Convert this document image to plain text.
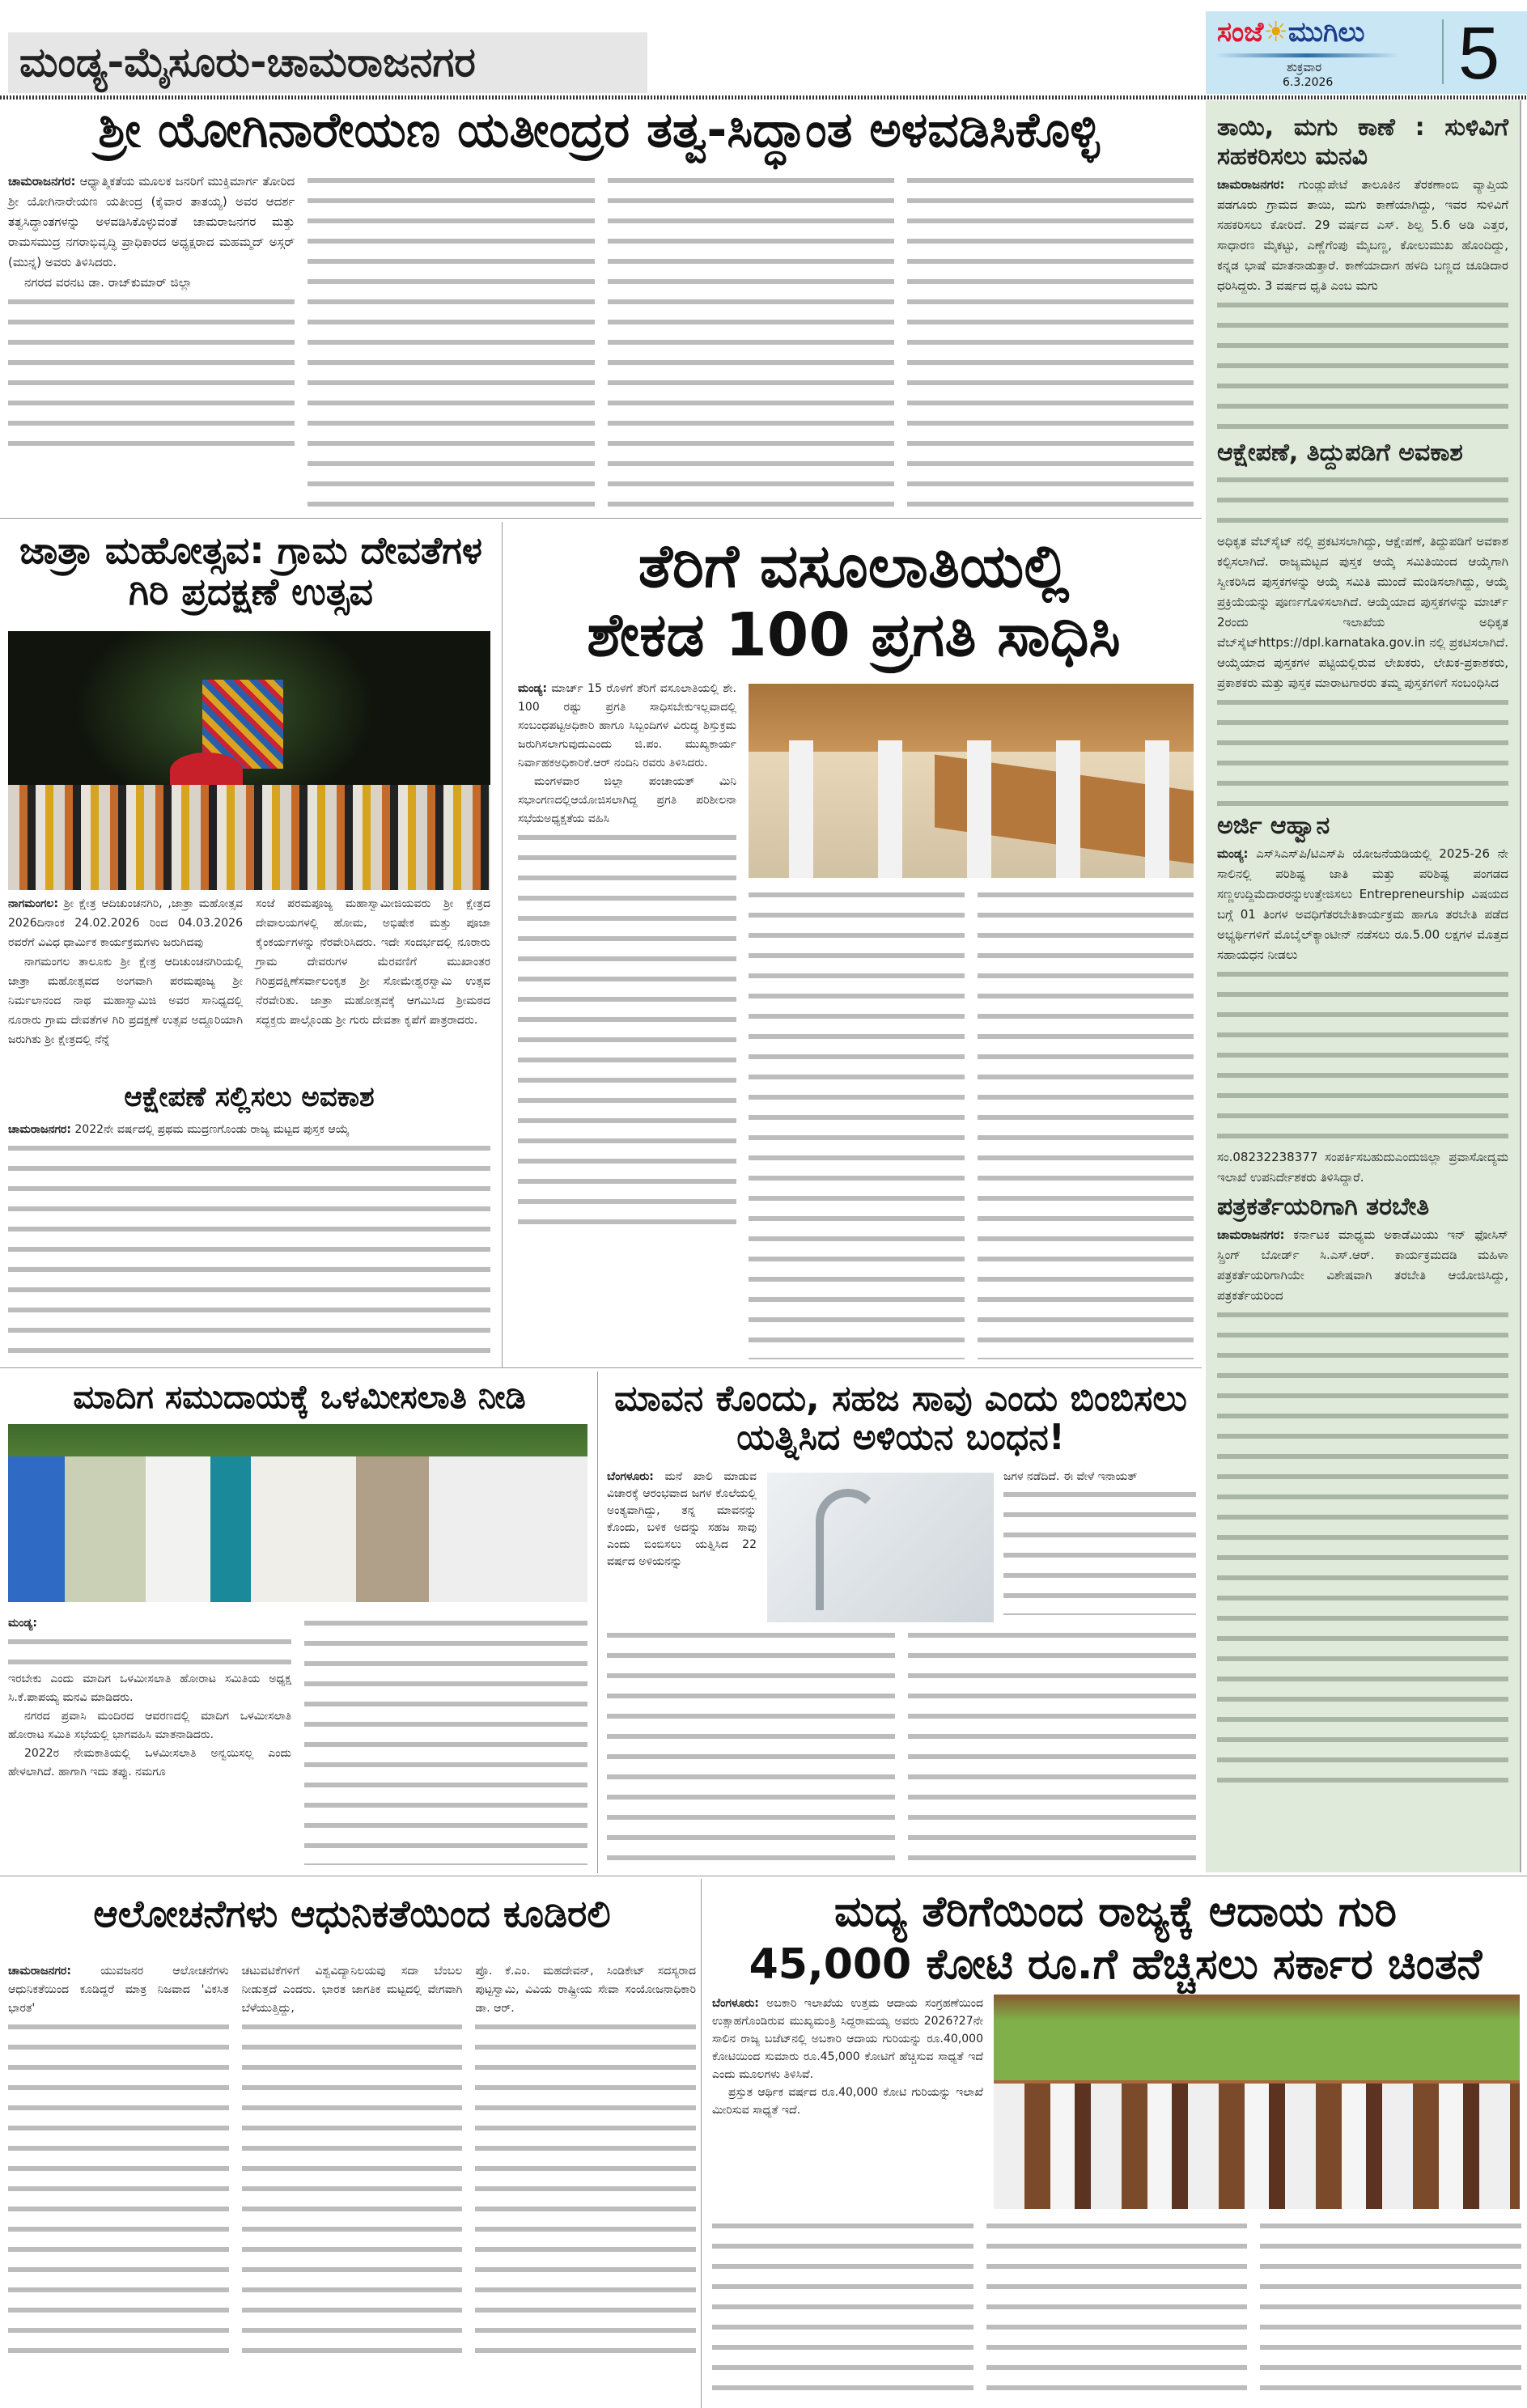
ಮಂಡ್ಯ-ಮೈಸೂರು-ಚಾಮರಾಜನಗರ
ಸಂಜೆ☀ಮುಗಿಲು
ಶುಕ್ರವಾರ
6.3.2026 5
ಶ್ರೀ ಯೋಗಿನಾರೇಯಣ ಯತೀಂದ್ರರ ತತ್ವ-ಸಿದ್ಧಾಂತ ಅಳವಡಿಸಿಕೊಳ್ಳಿ

ಚಾಮರಾಜನಗರ: ಆಧ್ಯಾತ್ಮಿಕತೆಯ ಮೂಲಕ ಜನರಿಗೆ ಮುಕ್ತಿಮಾರ್ಗ ತೋರಿದ ಶ್ರೀ ಯೋಗಿನಾರೇಯಣ ಯತೀಂದ್ರ (ಕೈವಾರ ತಾತಯ್ಯ) ಅವರ ಆದರ್ಶ ತತ್ವಸಿದ್ಧಾಂತಗಳನ್ನು ಅಳವಡಿಸಿಕೊಳ್ಳುವಂತೆ ಚಾಮರಾಜನಗರ ಮತ್ತು ರಾಮಸಮುದ್ರ ನಗರಾಭಿವೃದ್ಧಿ ಪ್ರಾಧಿಕಾರದ ಅಧ್ಯಕ್ಷರಾದ ಮಹಮ್ಮದ್ ಅಸ್ಗರ್ (ಮುನ್ನ) ಅವರು ತಿಳಿಸಿದರು.

ನಗರದ ವರನಟ ಡಾ. ರಾಜ್‌ಕುಮಾರ್ ಜಿಲ್ಲಾ

ಜಾತ್ರಾ ಮಹೋತ್ಸವ: ಗ್ರಾಮ ದೇವತೆಗಳ ಗಿರಿ ಪ್ರದಕ್ಷಣೆ ಉತ್ಸವ

ನಾಗಮಂಗಲ: ಶ್ರೀ ಕ್ಷೇತ್ರ ಆದಿಚುಂಚನಗಿರಿ, ,ಜಾತ್ರಾ ಮಹೋತ್ಸವ 2026ದಿನಾಂಕ 24.02.2026 ರಿಂದ 04.03.2026 ರವರೆಗೆ ವಿವಿಧ ಧಾರ್ಮಿಕ ಕಾರ್ಯಕ್ರಮಗಳು ಜರುಗಿದವು

ನಾಗಮಂಗಲ ತಾಲೂಕು ಶ್ರೀ ಕ್ಷೇತ್ರ ಆದಿಚುಂಚನಗಿರಿಯಲ್ಲಿ ಜಾತ್ರಾ ಮಹೋತ್ಸವದ ಅಂಗವಾಗಿ ಪರಮಪೂಜ್ಯ ಶ್ರೀ ನಿರ್ಮಲಾನಂದ ನಾಥ ಮಹಾಸ್ವಾಮಿಜಿ ಅವರ ಸಾನಿಧ್ಯದಲ್ಲಿ ನೂರಾರು ಗ್ರಾಮ ದೇವತೆಗಳ ಗಿರಿ ಪ್ರದಕ್ಷಣೆ ಉತ್ಸವ ಅದ್ದೂರಿಯಾಗಿ ಜರುಗಿತು ಶ್ರೀ ಕ್ಷೇತ್ರದಲ್ಲಿ ನೆನ್ನೆ

ಸಂಜೆ ಪರಮಪೂಜ್ಯ ಮಹಾಸ್ವಾಮೀಜಿಯವರು ಶ್ರೀ ಕ್ಷೇತ್ರದ ದೇವಾಲಯಗಳಲ್ಲಿ ಹೋಮ, ಅಭಿಷೇಕ ಮತ್ತು ಪೂಜಾ ಕೈಂಕರ್ಯಗಳನ್ನು ನೆರವೇರಿಸಿದರು. ಇದೇ ಸಂದರ್ಭದಲ್ಲಿ ನೂರಾರು ಗ್ರಾಮ ದೇವರುಗಳ ಮೆರವಣಿಗೆ ಮುಖಾಂತರ ಗಿರಿಪ್ರದಕ್ಷಿಣೆಸರ್ವಾಲಂಕೃತ ಶ್ರೀ ಸೋಮೇಶ್ವರಸ್ವಾಮಿ ಉತ್ಸವ ನೆರವೇರಿತು. ಜಾತ್ರಾ ಮಹೋತ್ಸವಕ್ಕೆ ಆಗಮಿಸಿದ ಶ್ರೀಮಠದ ಸದ್ಭಕ್ತರು ಪಾಲ್ಗೊಂಡು ಶ್ರೀ ಗುರು ದೇವತಾ ಕೃಪೆಗೆ ಪಾತ್ರರಾದರು.

ಆಕ್ಷೇಪಣೆ ಸಲ್ಲಿಸಲು ಅವಕಾಶ

ಚಾಮರಾಜನಗರ: 2022ನೇ ವರ್ಷದಲ್ಲಿ ಪ್ರಥಮ ಮುದ್ರಣಗೊಂಡು ರಾಜ್ಯ ಮಟ್ಟದ ಪುಸ್ತಕ ಆಯ್ಕೆ

ತೆರಿಗೆ ವಸೂಲಾತಿಯಲ್ಲಿ
ಶೇಕಡ 100 ಪ್ರಗತಿ ಸಾಧಿಸಿ

ಮಂಡ್ಯ: ಮಾರ್ಚ್ 15 ರೊಳಗೆ ತೆರಿಗೆ ವಸೂಲಾತಿಯಲ್ಲಿ ಶೇ. 100 ರಷ್ಟು ಪ್ರಗತಿ ಸಾಧಿಸಬೇಕುಇಲ್ಲವಾದಲ್ಲಿ ಸಂಬಂಧಪಟ್ಟಅಧಿಕಾರಿ ಹಾಗೂ ಸಿಬ್ಬಂದಿಗಳ ವಿರುದ್ಧ ಶಿಸ್ತುಕ್ರಮ ಜರುಗಿಸಲಾಗುವುದುಎಂದು ಜಿ.ಪಂ. ಮುಖ್ಯಕಾರ್ಯ ನಿರ್ವಾಹಕಅಧಿಕಾರಿಕೆ.ಆರ್ ನಂದಿನಿ ರವರು ತಿಳಿಸಿದರು.

ಮಂಗಳವಾರ ಜಿಲ್ಲಾ ಪಂಚಾಯತ್ ಮಿನಿ ಸಭಾಂಗಣದಲ್ಲಿಆಯೋಜಿಸಲಾಗಿದ್ದ ಪ್ರಗತಿ ಪರಿಶೀಲನಾ ಸಭೆಯಅಧ್ಯಕ್ಷತೆಯ ವಹಿಸಿ

ಮಾದಿಗ ಸಮುದಾಯಕ್ಕೆ ಒಳಮೀಸಲಾತಿ ನೀಡಿ

ಮಂಡ್ಯ:

ಇರಬೇಕು ಎಂದು ಮಾದಿಗ ಒಳಮೀಸಲಾತಿ ಹೋರಾಟ ಸಮಿತಿಯ ಅಧ್ಯಕ್ಷ ಸಿ.ಕೆ.ಪಾಪಯ್ಯ ಮನವಿ ಮಾಡಿದರು.

ನಗರದ ಪ್ರವಾಸಿ ಮಂದಿರದ ಆವರಣದಲ್ಲಿ ಮಾದಿಗ ಒಳಮೀಸಲಾತಿ ಹೋರಾಟ ಸಮಿತಿ ಸಭೆಯಲ್ಲಿ ಭಾಗವಹಿಸಿ ಮಾತನಾಡಿದರು.

2022ರ ನೇಮಕಾತಿಯಲ್ಲಿ ಒಳಮೀಸಲಾತಿ ಅನ್ವಯಿಸಲ್ಲ ಎಂದು ಹೇಳಲಾಗಿದೆ. ಹಾಗಾಗಿ ಇದು ತಪ್ಪು. ನಮಗೂ

ಮಾವನ ಕೊಂದು, ಸಹಜ ಸಾವು ಎಂದು ಬಿಂಬಿಸಲು ಯತ್ನಿಸಿದ ಅಳಿಯನ ಬಂಧನ!

ಬೆಂಗಳೂರು: ಮನೆ ಖಾಲಿ ಮಾಡುವ ವಿಚಾರಕ್ಕೆ ಆರಂಭವಾದ ಜಗಳ ಕೊಲೆಯಲ್ಲಿ ಅಂತ್ಯವಾಗಿದ್ದು, ತನ್ನ ಮಾವನನ್ನು ಕೊಂದು, ಬಳಿಕ ಅದನ್ನು ಸಹಜ ಸಾವು ಎಂದು ಬಿಂಬಿಸಲು ಯತ್ನಿಸಿದ 22 ವರ್ಷದ ಅಳಿಯನನ್ನು

ಜಗಳ ನಡೆದಿದೆ. ಈ ವೇಳೆ ಇನಾಯತ್

ತಾಯಿ, ಮಗು ಕಾಣೆ : ಸುಳಿವಿಗೆ ಸಹಕರಿಸಲು ಮನವಿ

ಚಾಮರಾಜನಗರ: ಗುಂಡ್ಲುಪೇಟೆ ತಾಲೂಕಿನ ತೆರಕಣಾಂಬಿ ವ್ಯಾಪ್ತಿಯ ಪಡಗೂರು ಗ್ರಾಮದ ತಾಯಿ, ಮಗು ಕಾಣೆಯಾಗಿದ್ದು, ಇವರ ಸುಳಿವಿಗೆ ಸಹಕರಿಸಲು ಕೋರಿದೆ. 29 ವರ್ಷದ ಎಸ್. ಶಿಲ್ಪ 5.6 ಅಡಿ ಎತ್ತರ, ಸಾಧಾರಣ ಮೈಕಟ್ಟು, ಎಣ್ಣೆಗೆಂಪು ಮೈಬಣ್ಣ, ಕೋಲುಮುಖ ಹೊಂದಿದ್ದು, ಕನ್ನಡ ಭಾಷೆ ಮಾತನಾಡುತ್ತಾರೆ. ಕಾಣೆಯಾದಾಗ ಹಳದಿ ಬಣ್ಣದ ಚೂಡಿದಾರ ಧರಿಸಿದ್ದರು. 3 ವರ್ಷದ ಧೃತಿ ಎಂಬ ಮಗು

ಆಕ್ಷೇಪಣೆ, ತಿದ್ದುಪಡಿಗೆ ಅವಕಾಶ

ಅಧಿಕೃತ ವೆಬ್‌ಸೈಟ್ ನಲ್ಲಿ ಪ್ರಕಟಿಸಲಾಗಿದ್ದು, ಆಕ್ಷೇಪಣೆ, ತಿದ್ದುಪಡಿಗೆ ಅವಕಾಶ ಕಲ್ಪಿಸಲಾಗಿದೆ. ರಾಜ್ಯಮಟ್ಟದ ಪುಸ್ತಕ ಆಯ್ಕೆ ಸಮಿತಿಯಿಂದ ಆಯ್ಕೆಗಾಗಿ ಸ್ವೀಕರಿಸಿದ ಪುಸ್ತಕಗಳನ್ನು ಆಯ್ಕೆ ಸಮಿತಿ ಮುಂದೆ ಮಂಡಿಸಲಾಗಿದ್ದು, ಆಯ್ಕೆ ಪ್ರಕ್ರಿಯೆಯನ್ನು ಪೂರ್ಣಗೊಳಿಸಲಾಗಿದೆ. ಆಯ್ಕೆಯಾದ ಪುಸ್ತಕಗಳನ್ನು ಮಾರ್ಚ್ 2ರಂದು ಇಲಾಖೆಯ ಅಧಿಕೃತ ವೆಬ್‌ಸೈಟ್https://dpl.karnataka.gov.in ನಲ್ಲಿ ಪ್ರಕಟಿಸಲಾಗಿದೆ. ಆಯ್ಕೆಯಾದ ಪುಸ್ತಕಗಳ ಪಟ್ಟಿಯಲ್ಲಿರುವ ಲೇಖಕರು, ಲೇಖಕ-ಪ್ರಕಾಶಕರು, ಪ್ರಕಾಶಕರು ಮತ್ತು ಪುಸ್ತಕ ಮಾರಾಟಗಾರರು ತಮ್ಮ ಪುಸ್ತಕಗಳಿಗೆ ಸಂಬಂಧಿಸಿದ

ಅರ್ಜಿ ಆಹ್ವಾನ

ಮಂಡ್ಯ: ಎಸ್‌ಸಿಎಸ್‌ಪಿ/ಟಿಎಸ್‌ಪಿ ಯೋಜನೆಯಡಿಯಲ್ಲಿ 2025-26 ನೇ ಸಾಲಿನಲ್ಲಿ ಪರಿಶಿಷ್ಟ ಜಾತಿ ಮತ್ತು ಪರಿಶಿಷ್ಟ ಪಂಗಡದ ಸಣ್ಣಉದ್ದಿಮೆದಾರರನ್ನುಉತ್ತೇಜಿಸಲು Entrepreneurship ವಿಷಯದ ಬಗ್ಗೆ 01 ತಿಂಗಳ ಅವಧಿಗೆತರಬೇತಿಕಾರ್ಯಕ್ರಮ ಹಾಗೂ ತರಬೇತಿ ಪಡೆದ ಅಭ್ಯರ್ಥಿಗಳಿಗೆ ಮೊಬೈಲ್‌ಕ್ಯಾಂಟೀನ್ ನಡೆಸಲು ರೂ.5.00 ಲಕ್ಷಗಳ ಮೊತ್ತದ ಸಹಾಯಧನ ನೀಡಲು

ಸಂ.08232238377 ಸಂಪರ್ಕಿಸಬಹುದುಎಂದುಜಿಲ್ಲಾ ಪ್ರವಾಸೋದ್ಯಮ ಇಲಾಖೆ ಉಪನಿರ್ದೇಶಕರು ತಿಳಿಸಿದ್ದಾರೆ.

ಪತ್ರಕರ್ತೆಯರಿಗಾಗಿ ತರಬೇತಿ

ಚಾಮರಾಜನಗರ: ಕರ್ನಾಟಕ ಮಾಧ್ಯಮ ಅಕಾಡೆಮಿಯು ಇನ್ ಫೋಸಿಸ್ ಸ್ಪ್ರಿಂಗ್ ಬೋರ್ಡ್ ಸಿ.ಎಸ್.ಆರ್. ಕಾರ್ಯಕ್ರಮದಡಿ ಮಹಿಳಾ ಪತ್ರಕರ್ತೆಯರಿಗಾಗಿಯೇ ವಿಶೇಷವಾಗಿ ತರಬೇತಿ ಆಯೋಜಿಸಿದ್ದು, ಪತ್ರಕರ್ತೆಯರಿಂದ

ಆಲೋಚನೆಗಳು ಆಧುನಿಕತೆಯಿಂದ ಕೂಡಿರಲಿ

ಚಾಮರಾಜನಗರ:	ಯುವಜನರ ಆಲೋಚನೆಗಳು ಆಧುನಿಕತೆಯಿಂದ ಕೂಡಿದ್ದರೆ ಮಾತ್ರ ನಿಜವಾದ 'ವಿಕಸಿತ ಭಾರತ'

ಚಟುವಟಿಕೆಗಳಿಗೆ ವಿಶ್ವವಿದ್ಯಾನಿಲಯವು ಸದಾ ಬೆಂಬಲ ನೀಡುತ್ತದೆ ಎಂದರು. ಭಾರತ ಜಾಗತಿಕ ಮಟ್ಟದಲ್ಲಿ ವೇಗವಾಗಿ ಬೆಳೆಯುತ್ತಿದ್ದು,

ಪ್ರೊ. ಕೆ.ಎಂ. ಮಹದೇವನ್, ಸಿಂಡಿಕೇಟ್ ಸದಸ್ಯರಾದ ಪುಟ್ಟಸ್ವಾಮಿ, ವಿವಿಯ ರಾಷ್ಟ್ರೀಯ ಸೇವಾ ಸಂಯೋಜನಾಧಿಕಾರಿ ಡಾ. ಆರ್.

ಮದ್ಯ ತೆರಿಗೆಯಿಂದ ರಾಜ್ಯಕ್ಕೆ ಆದಾಯ ಗುರಿ
45,000 ಕೋಟಿ ರೂ.ಗೆ ಹೆಚ್ಚಿಸಲು ಸರ್ಕಾರ ಚಿಂತನೆ

ಬೆಂಗಳೂರು: ಅಬಕಾರಿ ಇಲಾಖೆಯ ಉತ್ತಮ ಆದಾಯ ಸಂಗ್ರಹಣೆಯಿಂದ ಉತ್ಸಾಹಗೊಂಡಿರುವ ಮುಖ್ಯಮಂತ್ರಿ ಸಿದ್ದರಾಮಯ್ಯ ಅವರು 2026?27ನೇ ಸಾಲಿನ ರಾಜ್ಯ ಬಜೆಟ್‌ನಲ್ಲಿ ಅಬಕಾರಿ ಆದಾಯ ಗುರಿಯನ್ನು ರೂ.40,000 ಕೋಟಿಯಿಂದ ಸುಮಾರು ರೂ.45,000 ಕೋಟಿಗೆ ಹೆಚ್ಚಿಸುವ ಸಾಧ್ಯತೆ ಇದೆ ಎಂದು ಮೂಲಗಳು ತಿಳಿಸಿವೆ.

ಪ್ರಸ್ತುತ ಆರ್ಥಿಕ ವರ್ಷದ ರೂ.40,000 ಕೋಟಿ ಗುರಿಯನ್ನು ಇಲಾಖೆ ಮೀರಿಸುವ ಸಾಧ್ಯತೆ ಇದೆ.
